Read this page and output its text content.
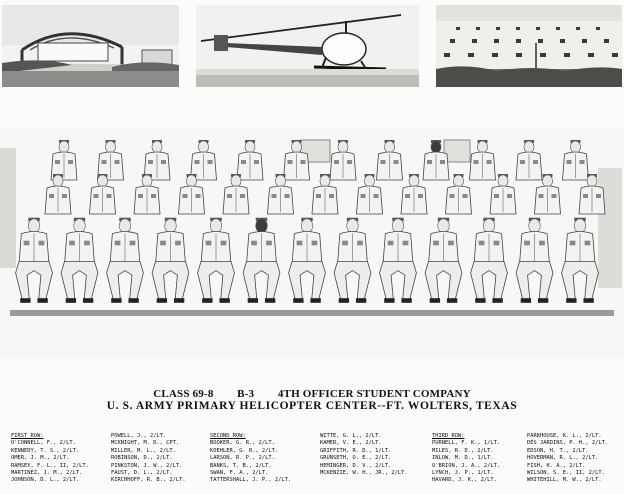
CLASS 69-8        B-3        4TH OFFICER STUDENT COMPANY
U. S. ARMY PRIMARY HELICOPTER CENTER--FT. WOLTERS, TEXAS
FIRST ROW:
O'CONNELL, F., 2/LT.
KENNEDY, T. S., 2/LT.
OMER, J. M., 2/LT.
RAMSEY, F. L., II, 2/LT.
MARTINEZ, J. M., 2/LT.
JOHNSON, D. L., 2/LT.
POWELL, J., 2/LT.
MCKNIGHT, M. D., CPT.
MILLER, M. L., 2/LT.
ROBINSON, D., 2/LT.
PINKSTON, J. W., 2/LT.
FAUST, D. L., 2/LT.
KIRCHHOFF, R. B., 2/LT.
SECOND ROW:
BOOKER, G. R., 2/LT.
KOEHLER, G. R., 2/LT.
LARSON, R. P., 2/LT.
BANKS, T. B., 2/LT.
SWAN, F. A., 2/LT.
TATTERSHALL, J. P., 2/LT.
WITTE, G. L., 2/LT.
KAMER, V. E., 2/LT.
GRIFFITH, R. D., 1/LT.
GRUNSETH, O. E., 2/LT.
HEMINGER, D. V., 2/LT.
MCKENZIE, W. H., JR., 2/LT.
THIRD ROW:
PURNELL, F. K., 1/LT.
MILES, R. D., 2/LT.
INLOW, M. D., 1/LT.
O'BRION, J. A., 2/LT.
LYNCH, J. P., 1/LT.
HAVARD, J. K., 2/LT.
PARKHOUSE, K. L., 2/LT.
DES JARDINS, P. H., 2/LT.
EDSON, H. T., 2/LT.
HOVERMAN, R. L., 2/LT.
FISH, K. A., 2/LT.
WILSON, S. E., II, 2/LT.
WHITEHILL, M. W., 2/LT.
